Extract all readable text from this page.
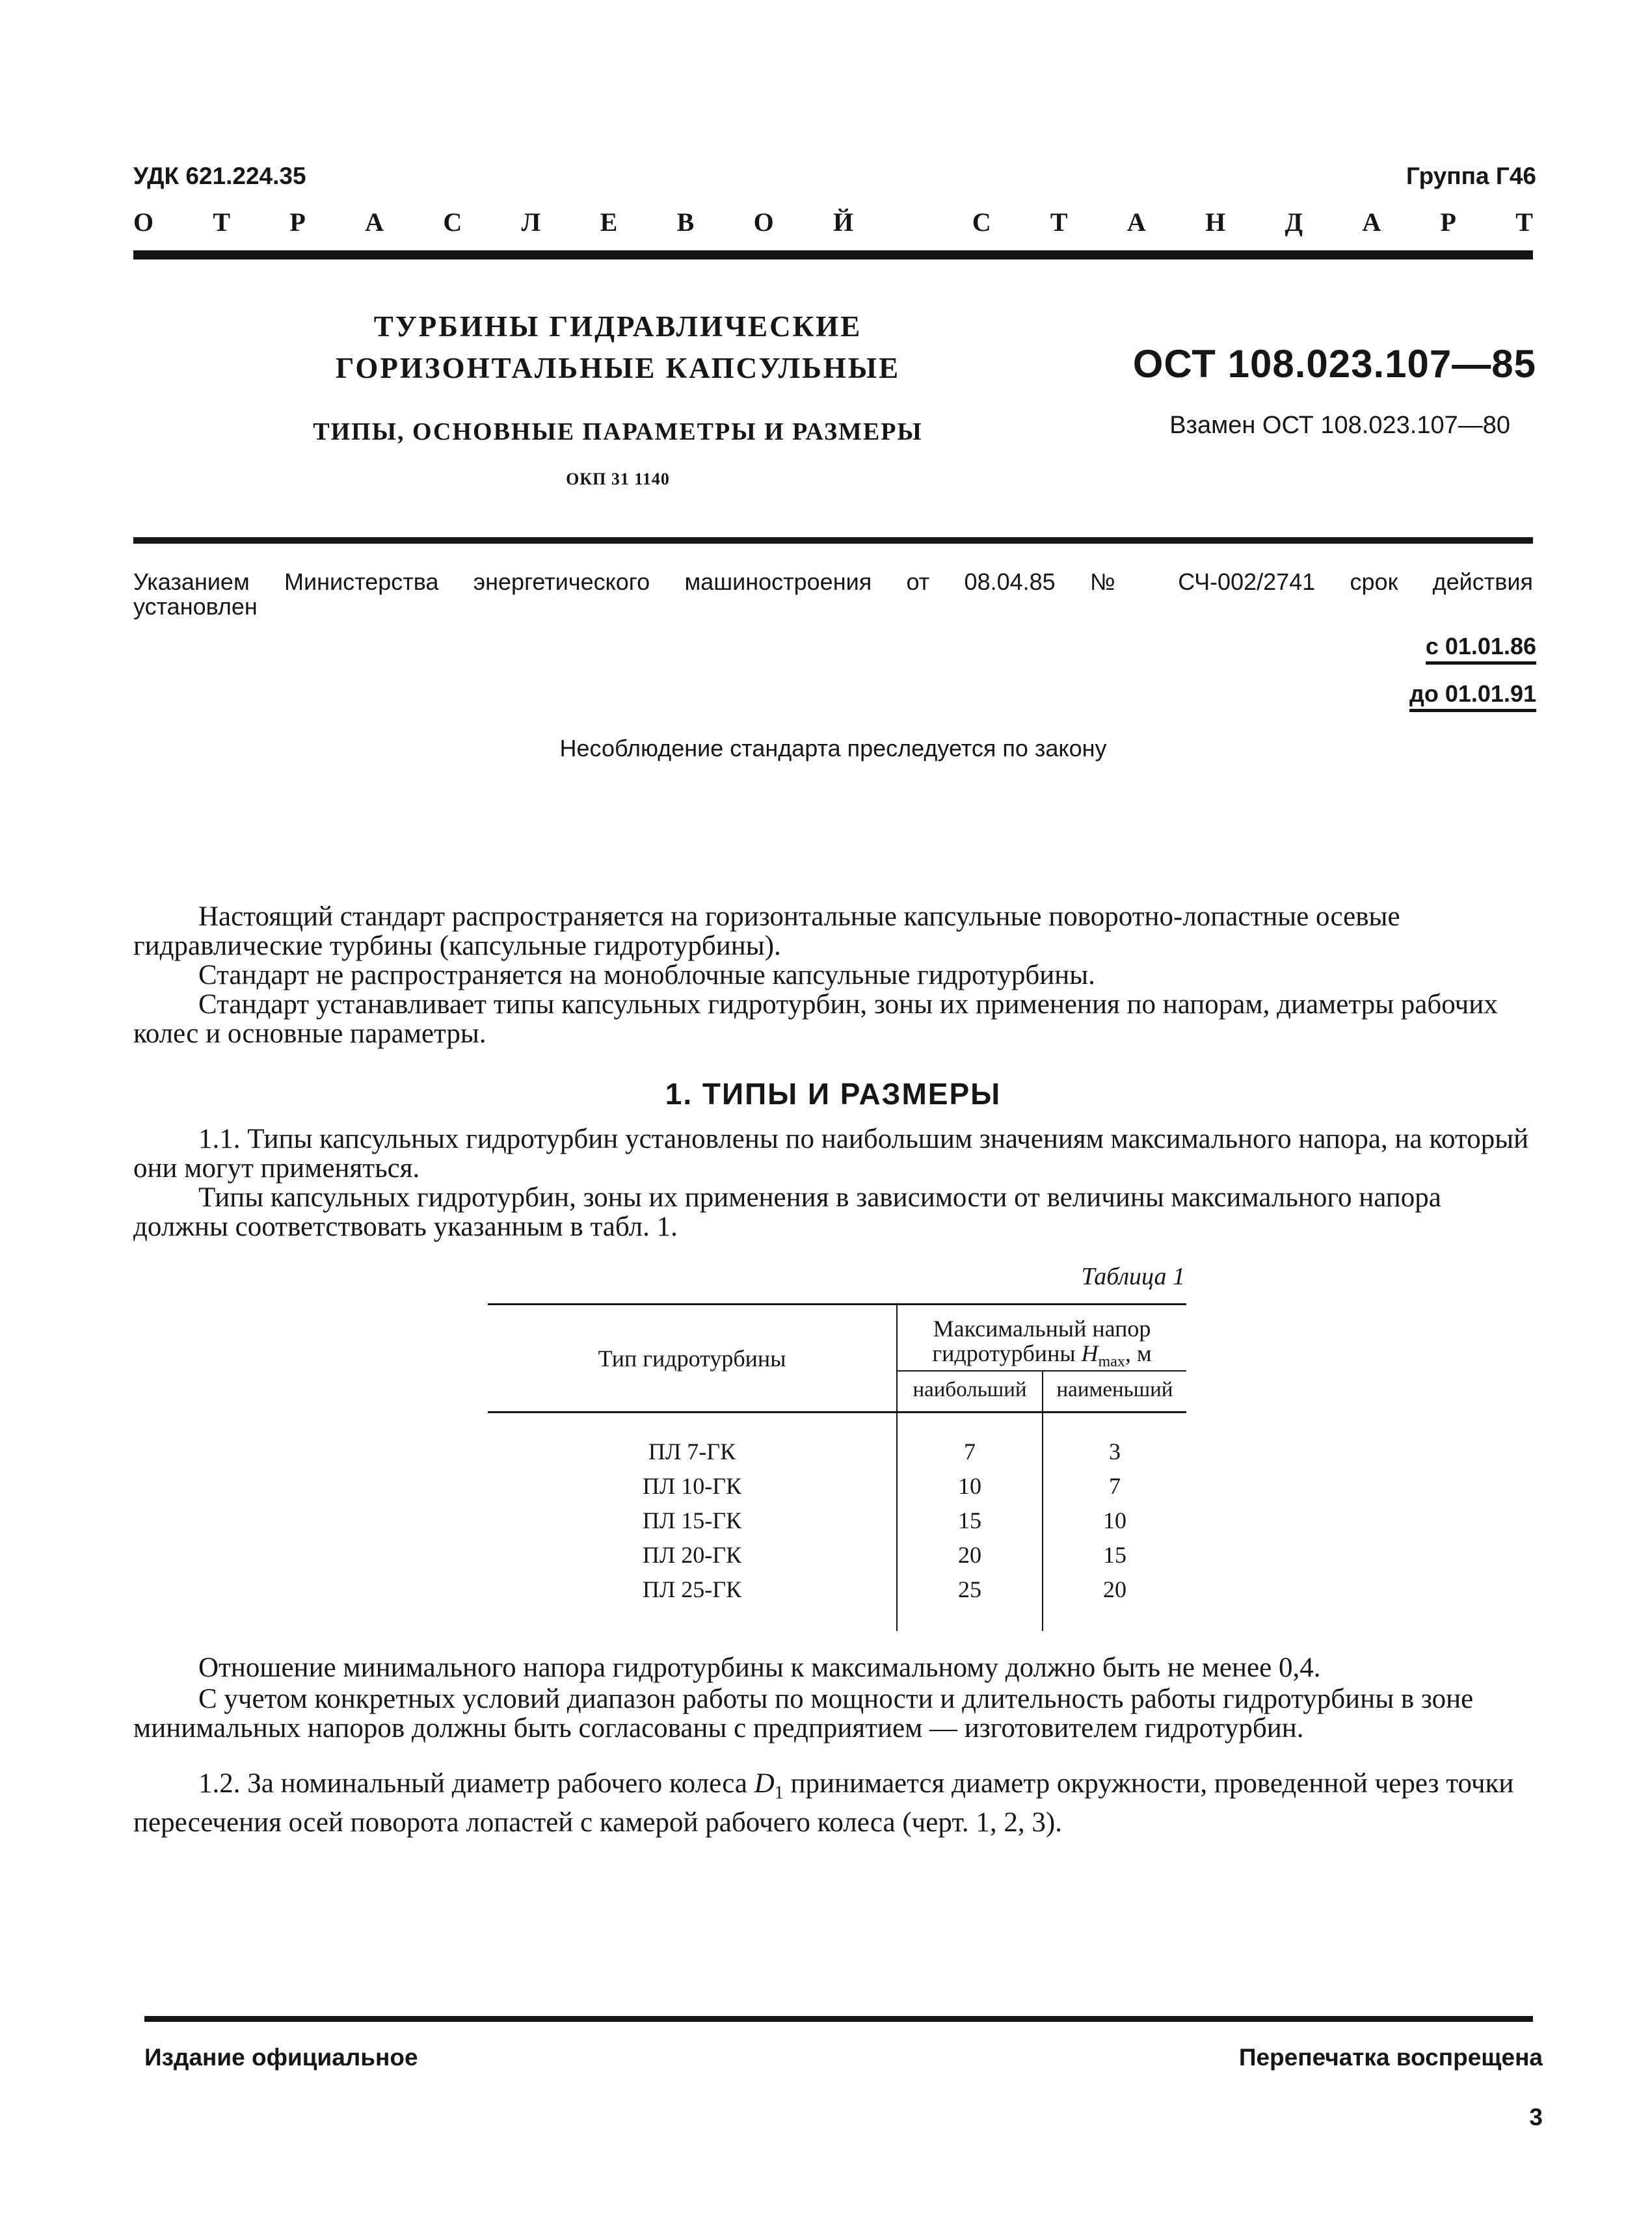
УДК 621.224.35	Группа Г46
О Т Р А С Л Е В О Й	С Т А Н Д А Р Т
ТУРБИНЫ ГИДРАВЛИЧЕСКИЕ
ГОРИЗОНТАЛЬНЫЕ КАПСУЛЬНЫЕ	ОСТ 108.023.107—85
ТИПЫ, ОСНОВНЫЕ ПАРАМЕТРЫ И РАЗМЕРЫ	Взамен ОСТ 108.023.107—80
ОКП 31 1140
Указанием Министерства энергетического машиностроения от 08.04.85 № СЧ-002/2741 срок действия
установлен
с 01.01.86
до 01.01.91
Несоблюдение стандарта преследуется по закону
Настоящий стандарт распространяется на горизонтальные капсульные поворотно-лопастные осевые гидравлические турбины (капсульные гидротурбины).
Стандарт не распространяется на моноблочные капсульные гидротурбины.
Стандарт устанавливает типы капсульных гидротурбин, зоны их применения по напорам, диаметры рабочих колес и основные параметры.
1. ТИПЫ И РАЗМЕРЫ
1.1. Типы капсульных гидротурбин установлены по наибольшим значениям максимального напора, на который они могут применяться.
Типы капсульных гидротурбин, зоны их применения в зависимости от величины максимального напора должны соответствовать указанным в табл. 1.
Таблица 1
Тип гидротурбины
Максимальный напор
гидротурбины $H_{max}$, м
наибольший	наименьший
ПЛ 7-ГК	7	3
ПЛ 10-ГК	10	7
ПЛ 15-ГК	15	10
ПЛ 20-ГК	20	15
ПЛ 25-ГК	25	20
Отношение минимального напора гидротурбины к максимальному должно быть не менее 0,4.
С учетом конкретных условий диапазон работы по мощности и длительность работы гидротурбины в зоне минимальных напоров должны быть согласованы с предприятием — изготовителем гидротурбин.
1.2. За номинальный диаметр рабочего колеса $D_1$ принимается диаметр окружности, проведенной через точки пересечения осей поворота лопастей с камерой рабочего колеса (черт. 1, 2, 3).
Издание официальное	Перепечатка воспрещена
3
